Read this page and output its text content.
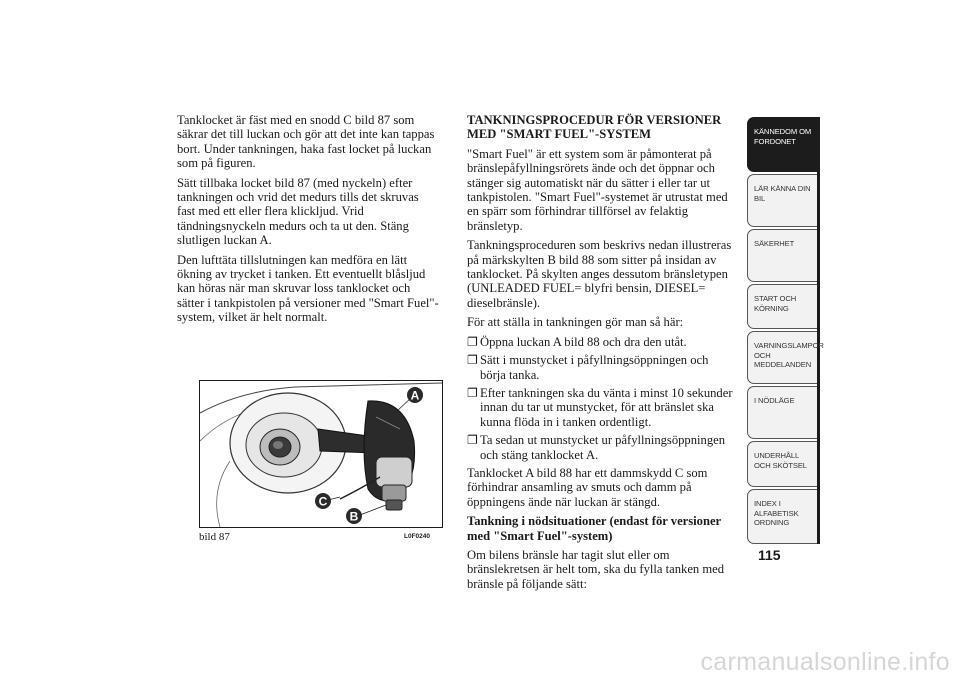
Tanklocket är fäst med en snodd C bild 87 som säkrar det till luckan och gör att det inte kan tappas bort. Under tankningen, haka fast locket på luckan som på figuren.

Sätt tillbaka locket bild 87 (med nyckeln) efter tankningen och vrid det medurs tills det skruvas fast med ett eller flera klickljud. Vrid tändningsnyckeln medurs och ta ut den. Stäng slutligen luckan A.

Den lufttäta tillslutningen kan medföra en lätt ökning av trycket i tanken. Ett eventuellt blåsljud kan höras när man skruvar loss tanklocket och sätter i tankpistolen på versioner med "Smart Fuel"-system, vilket är helt normalt.

A
C
B
bild 87	L0F0240

TANKNINGSPROCEDUR FÖR VERSIONER MED "SMART FUEL"-SYSTEM

"Smart Fuel" är ett system som är påmonterat på bränslepåfyllningsrörets ände och det öppnar och stänger sig automatiskt när du sätter i eller tar ut tankpistolen. "Smart Fuel"-systemet är utrustat med en spärr som förhindrar tillförsel av felaktig bränsletyp.

Tankningsproceduren som beskrivs nedan illustreras på märkskylten B bild 88 som sitter på insidan av tanklocket. På skylten anges dessutom bränsletypen (UNLEADED FUEL= blyfri bensin, DIESEL= dieselbränsle).

För att ställa in tankningen gör man så här:

❐ Öppna luckan A bild 88 och dra den utåt.
❐ Sätt i munstycket i påfyllningsöppningen och börja tanka.
❐ Efter tankningen ska du vänta i minst 10 sekunder innan du tar ut munstycket, för att bränslet ska kunna flöda in i tanken ordentligt.
❐ Ta sedan ut munstycket ur påfyllningsöppningen och stäng tanklocket A.

Tanklocket A bild 88 har ett dammskydd C som förhindrar ansamling av smuts och damm på öppningens ände när luckan är stängd.

Tankning i nödsituationer (endast för versioner med "Smart Fuel"-system)

Om bilens bränsle har tagit slut eller om bränslekretsen är helt tom, ska du fylla tanken med bränsle på följande sätt:

KÄNNEDOM OM FORDONET
LÄR KÄNNA DIN BIL
SÄKERHET
START OCH KÖRNING
VARNINGSLAMPOR OCH MEDDELANDEN
I NÖDLÄGE
UNDERHÅLL OCH SKÖTSEL
INDEX I ALFABETISK ORDNING
115
carmanualsonline.info
